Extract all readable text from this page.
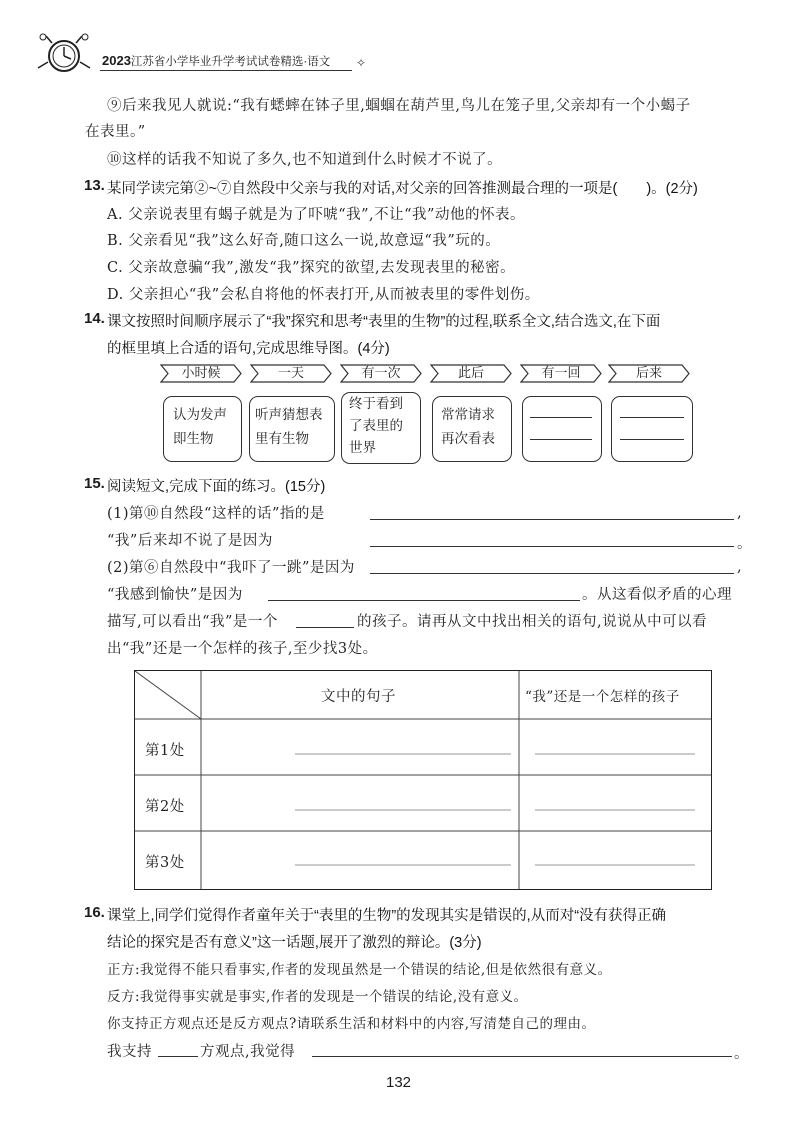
2023江苏省小学毕业升学考试试卷精选·语文 ✧
⑨后来我见人就说:“我有蟋蟀在钵子里,蝈蝈在葫芦里,鸟儿在笼子里,父亲却有一个小蝎子
在表里。”
⑩这样的话我不知说了多久,也不知道到什么时候才不说了。
13. 某同学读完第②~⑦自然段中父亲与我的对话,对父亲的回答推测最合理的一项是(　　)。(2分)
A. 父亲说表里有蝎子就是为了吓唬“我”,不让“我”动他的怀表。
B. 父亲看见“我”这么好奇,随口这么一说,故意逗“我”玩的。
C. 父亲故意骗“我”,激发“我”探究的欲望,去发现表里的秘密。
D. 父亲担心“我”会私自将他的怀表打开,从而被表里的零件划伤。
14. 课文按照时间顺序展示了“我”探究和思考“表里的生物”的过程,联系全文,结合选文,在下面
的框里填上合适的语句,完成思维导图。(4分)
小时候	一天	有一次	此后	有一回	后来
认为发声
即生物
听声猜想表
里有生物
终于看到
了表里的
世界
常常请求
再次看表
15. 阅读短文,完成下面的练习。(15分)
(1)第⑩自然段“这样的话”指的是	,
“我”后来却不说了是因为	。
(2)第⑥自然段中“我吓了一跳”是因为	,
“我感到愉快”是因为	。从这看似矛盾的心理
描写,可以看出“我”是一个	的孩子。请再从文中找出相关的语句,说说从中可以看
出“我”还是一个怎样的孩子,至少找3处。
文中的句子	“我”还是一个怎样的孩子
第1处
第2处
第3处
16. 课堂上,同学们觉得作者童年关于“表里的生物”的发现其实是错误的,从而对“没有获得正确
结论的探究是否有意义”这一话题,展开了激烈的辩论。(3分)
正方:我觉得不能只看事实,作者的发现虽然是一个错误的结论,但是依然很有意义。
反方:我觉得事实就是事实,作者的发现是一个错误的结论,没有意义。
你支持正方观点还是反方观点?请联系生活和材料中的内容,写清楚自己的理由。
我支持	方观点,我觉得	。
132
